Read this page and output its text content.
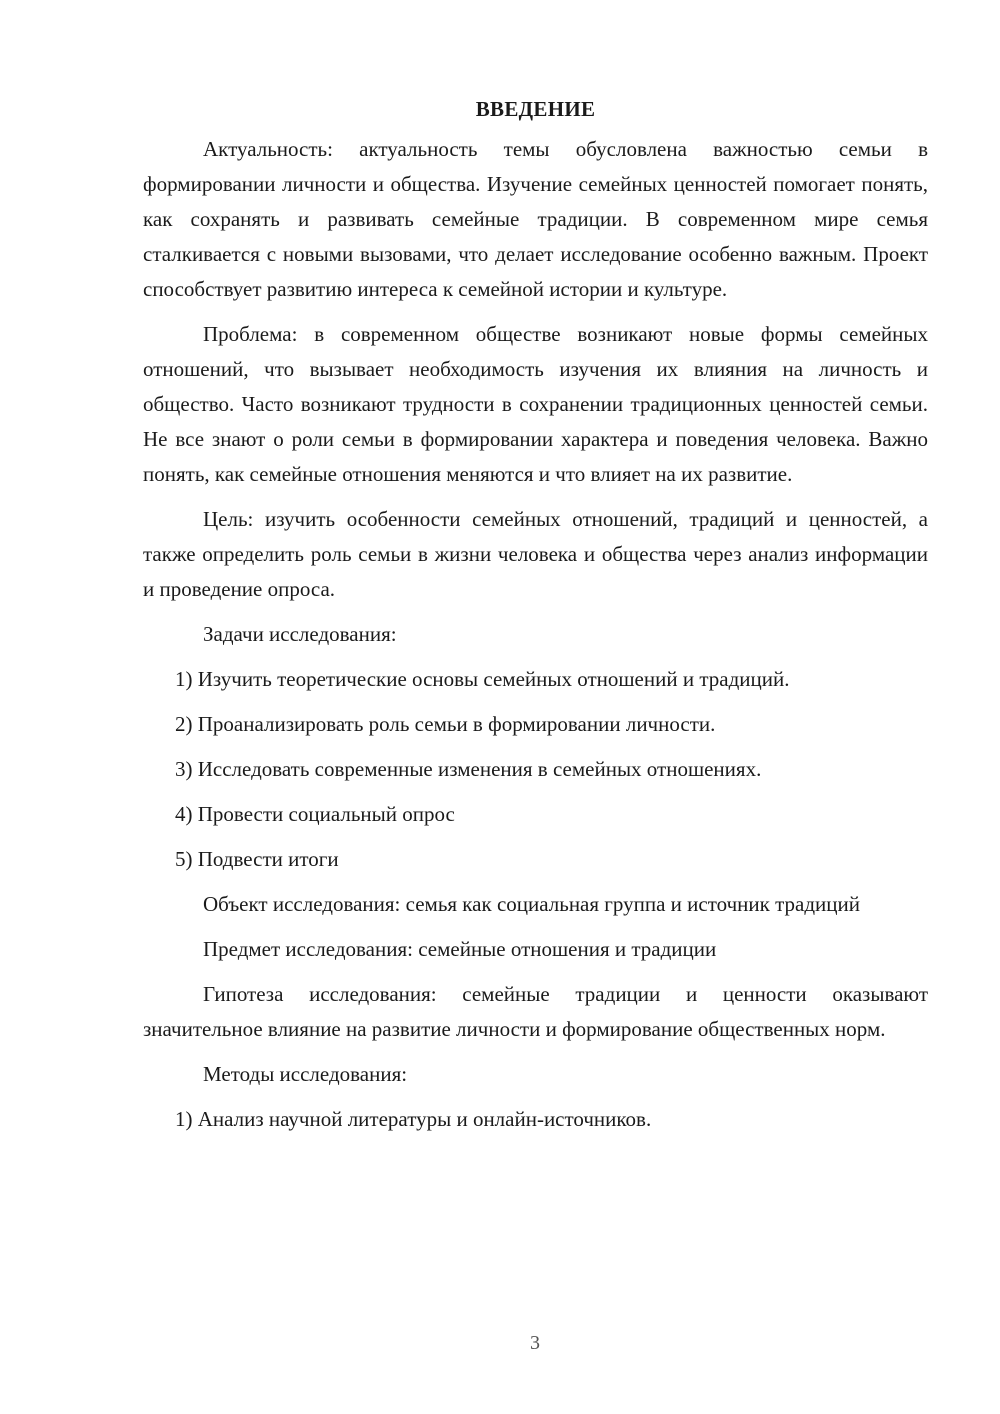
ВВЕДЕНИЕ

Актуальность: актуальность темы обусловлена важностью семьи в формировании личности и общества. Изучение семейных ценностей помогает понять, как сохранять и развивать семейные традиции. В современном мире семья сталкивается с новыми вызовами, что делает исследование особенно важным. Проект способствует развитию интереса к семейной истории и культуре.

Проблема: в современном обществе возникают новые формы семейных отношений, что вызывает необходимость изучения их влияния на личность и общество. Часто возникают трудности в сохранении традиционных ценностей семьи. Не все знают о роли семьи в формировании характера и поведения человека. Важно понять, как семейные отношения меняются и что влияет на их развитие.

Цель: изучить особенности семейных отношений, традиций и ценностей, а также определить роль семьи в жизни человека и общества через анализ информации и проведение опроса.

Задачи исследования:
1) Изучить теоретические основы семейных отношений и традиций.
2) Проанализировать роль семьи в формировании личности.
3) Исследовать современные изменения в семейных отношениях.
4) Провести социальный опрос
5) Подвести итоги

Объект исследования: семья как социальная группа и источник традиций

Предмет исследования: семейные отношения и традиции

Гипотеза исследования: семейные традиции и ценности оказывают значительное влияние на развитие личности и формирование общественных норм.

Методы исследования:
1) Анализ научной литературы и онлайн-источников.
3
